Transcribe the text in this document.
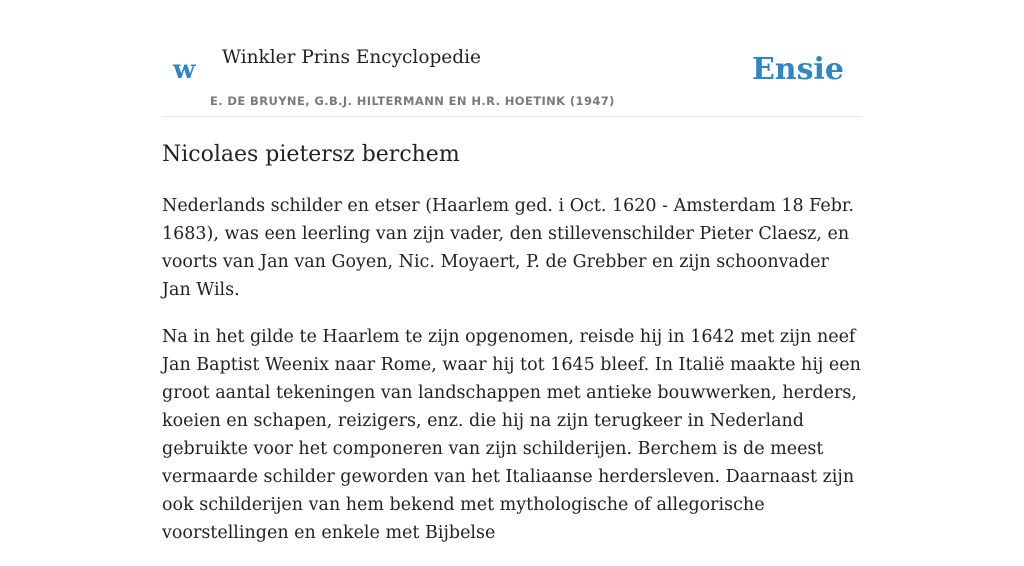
w Winkler Prins Encyclopedie
E. DE BRUYNE, G.B.J. HILTERMANN EN H.R. HOETINK (1947)
Ensie
Nicolaes pietersz berchem

Nederlands schilder en etser (Haarlem ged. i Oct. 1620 - Amsterdam 18 Febr. 1683), was een leerling van zijn vader, den stillevenschilder Pieter Claesz, en voorts van Jan van Goyen, Nic. Moyaert, P. de Grebber en zijn schoonvader Jan Wils.

Na in het gilde te Haarlem te zijn opgenomen, reisde hij in 1642 met zijn neef Jan Baptist Weenix naar Rome, waar hij tot 1645 bleef. In Italië maakte hij een groot aantal tekeningen van landschappen met antieke bouwwerken, herders, koeien en schapen, reizigers, enz. die hij na zijn terugkeer in Nederland gebruikte voor het componeren van zijn schilderijen. Berchem is de meest vermaarde schilder geworden van het Italiaanse herdersleven. Daarnaast zijn ook schilderijen van hem bekend met mythologische of allegorische voorstellingen en enkele met Bijbelse
